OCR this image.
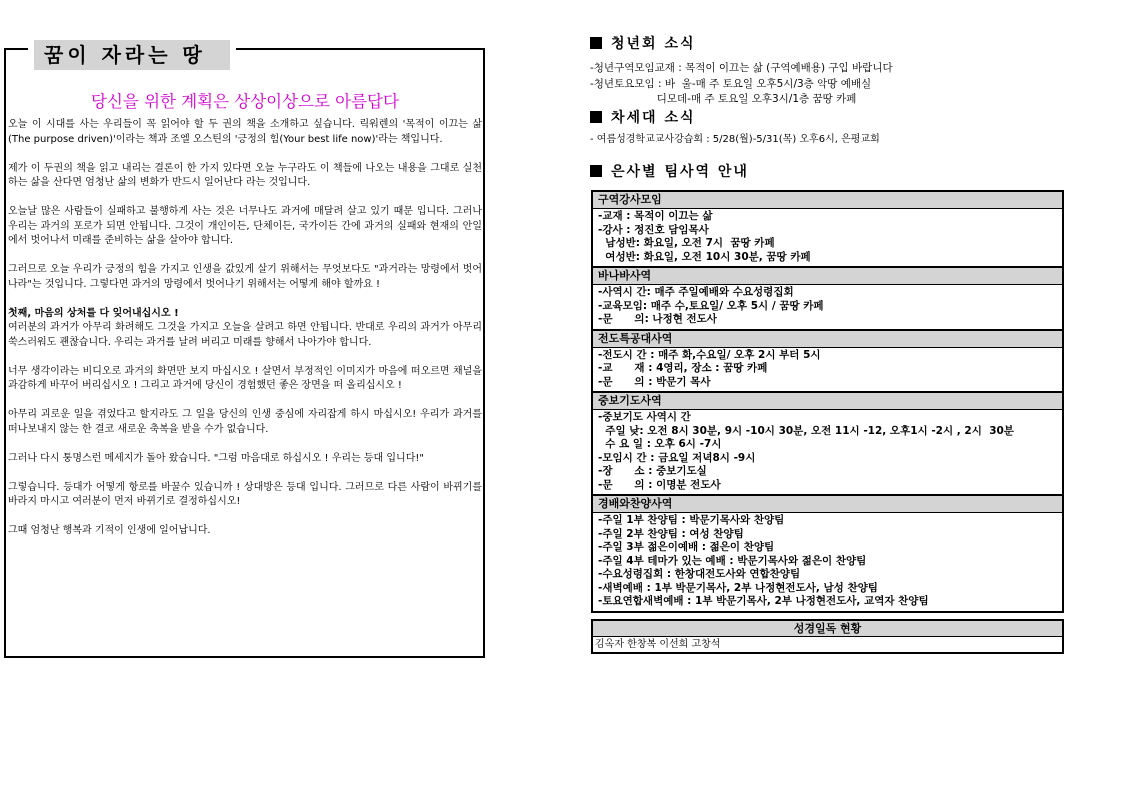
꿈이 자라는 땅
당신을 위한 계획은 상상이상으로 아름답다

오늘 이 시대를 사는 우리들이 꼭 읽어야 할 두 권의 책을 소개하고 싶습니다. 릭워렌의 '목적이 이끄는 삶(The purpose driven)'이라는 책과 조엘 오스틴의 '긍정의 힘(Your best life now)'라는 책입니다.

제가 이 두권의 책을 읽고 내리는 결론이 한 가지 있다면 오늘 누구라도 이 책들에 나오는 내용을 그대로 실천하는 삶을 산다면 엄청난 삶의 변화가 반드시 일어난다 라는 것입니다.

오늘날 많은 사람들이 실패하고 불행하게 사는 것은 너무나도 과거에 매달려 살고 있기 때문 입니다. 그러나 우리는 과거의 포로가 되면 안됩니다. 그것이 개인이든, 단체이든, 국가이든 간에 과거의 실패와 현재의 안일에서 벗어나서 미래를 준비하는 삶을 살아야 합니다.

그러므로 오늘 우리가 긍정의 힘을 가지고 인생을 값있게 살기 위해서는 무엇보다도 "과거라는 망령에서 벗어나라"는 것입니다. 그렇다면 과거의 망령에서 벗어나기 위해서는 어떻게 해야 할까요 !

첫째, 마음의 상처를 다 잊어내십시오 !

여러분의 과거가 아무리 화려해도 그것을 가지고 오늘을 살려고 하면 안됩니다. 반대로 우리의 과거가 아무리 쑥스러워도 괜찮습니다. 우리는 과거를 날려 버리고 미래를 향해서 나아가야 합니다.

너무 생각이라는 비디오로 과거의 화면만 보지 마십시오 ! 살면서 부정적인 이미지가 마음에 떠오르면 채널을 과감하게 바꾸어 버리십시오 ! 그리고 과거에 당신이 경험했던 좋은 장면을 떠 올리십시오 !

아무리 괴로운 일을 겪었다고 할지라도 그 일을 당신의 인생 중심에 자리잡게 하시 마십시오! 우리가 과거를 떠나보내지 않는 한 결코 새로운 축복을 받을 수가 없습니다.

그러나 다시 퉁명스런 메세지가 돌아 왔습니다. "그럼 마음대로 하십시오 ! 우리는 등대 입니다!"

그렇습니다. 등대가 어떻게 항로를 바꿀수 있습니까 ! 상대방은 등대 입니다. 그러므로 다른 사람이 바뀌기를 바라지 마시고 여러분이 먼저 바뀌기로 결정하십시오!

그때 엄청난 행복과 기적이 인생에 일어납니다.

청년회 소식
-청년구역모임교재 : 목적이 이끄는 삶 (구역예배용) 구입 바랍니다
-청년토요모임 : 바  울-매 주 토요일 오후5시/3층 악땅 예배실
디모데-매 주 토요일 오후3시/1층 꿈땅 카페
차세대 소식
- 여름성경학교교사강습회 : 5/28(월)-5/31(목) 오후6시, 은평교회
은사별 팀사역 안내
구역강사모임
-교재 : 목적이 이끄는 삶
-강사 : 정진호 담임목사
남성반: 화요일, 오전 7시  꿈땅 카페
여성반: 화요일, 오전 10시 30분, 꿈땅 카페
바나바사역
-사역시 간: 매주 주일예배와 수요성령집회
-교육모임: 매주 수,토요일/ 오후 5시 / 꿈땅 카페
-문      의: 나정현 전도사
전도특공대사역
-전도시 간 : 매주 화,수요일/ 오후 2시 부터 5시
-교      재 : 4영리, 장소 : 꿈땅 카페
-문      의 : 박문기 목사
중보기도사역
-중보기도 사역시 간
주일 낮: 오전 8시 30분, 9시 -10시 30분, 오전 11시 -12, 오후1시 -2시 , 2시  30분
수 요 일 : 오후 6시 -7시
-모임시 간 : 금요일 저녁8시 -9시
-장      소 : 중보기도실
-문      의 : 이명분 전도사
경배와찬양사역
-주일 1부 찬양팀 : 박문기목사와 찬양팀
-주일 2부 찬양팀 : 여성 찬양팀
-주일 3부 젊은이예배 : 젊은이 찬양팀
-주일 4부 테마가 있는 예배 : 박문기목사와 젊은이 찬양팀
-수요성령집회 : 한창대전도사와 연합찬양팀
-새벽예배 : 1부 박문기목사, 2부 나정현전도사, 남성 찬양팀
-토요연합새벽예배 : 1부 박문기목사, 2부 나정현전도사, 교역자 찬양팀
성경일독 현황
김옥자 한창복 이선희 고창석
